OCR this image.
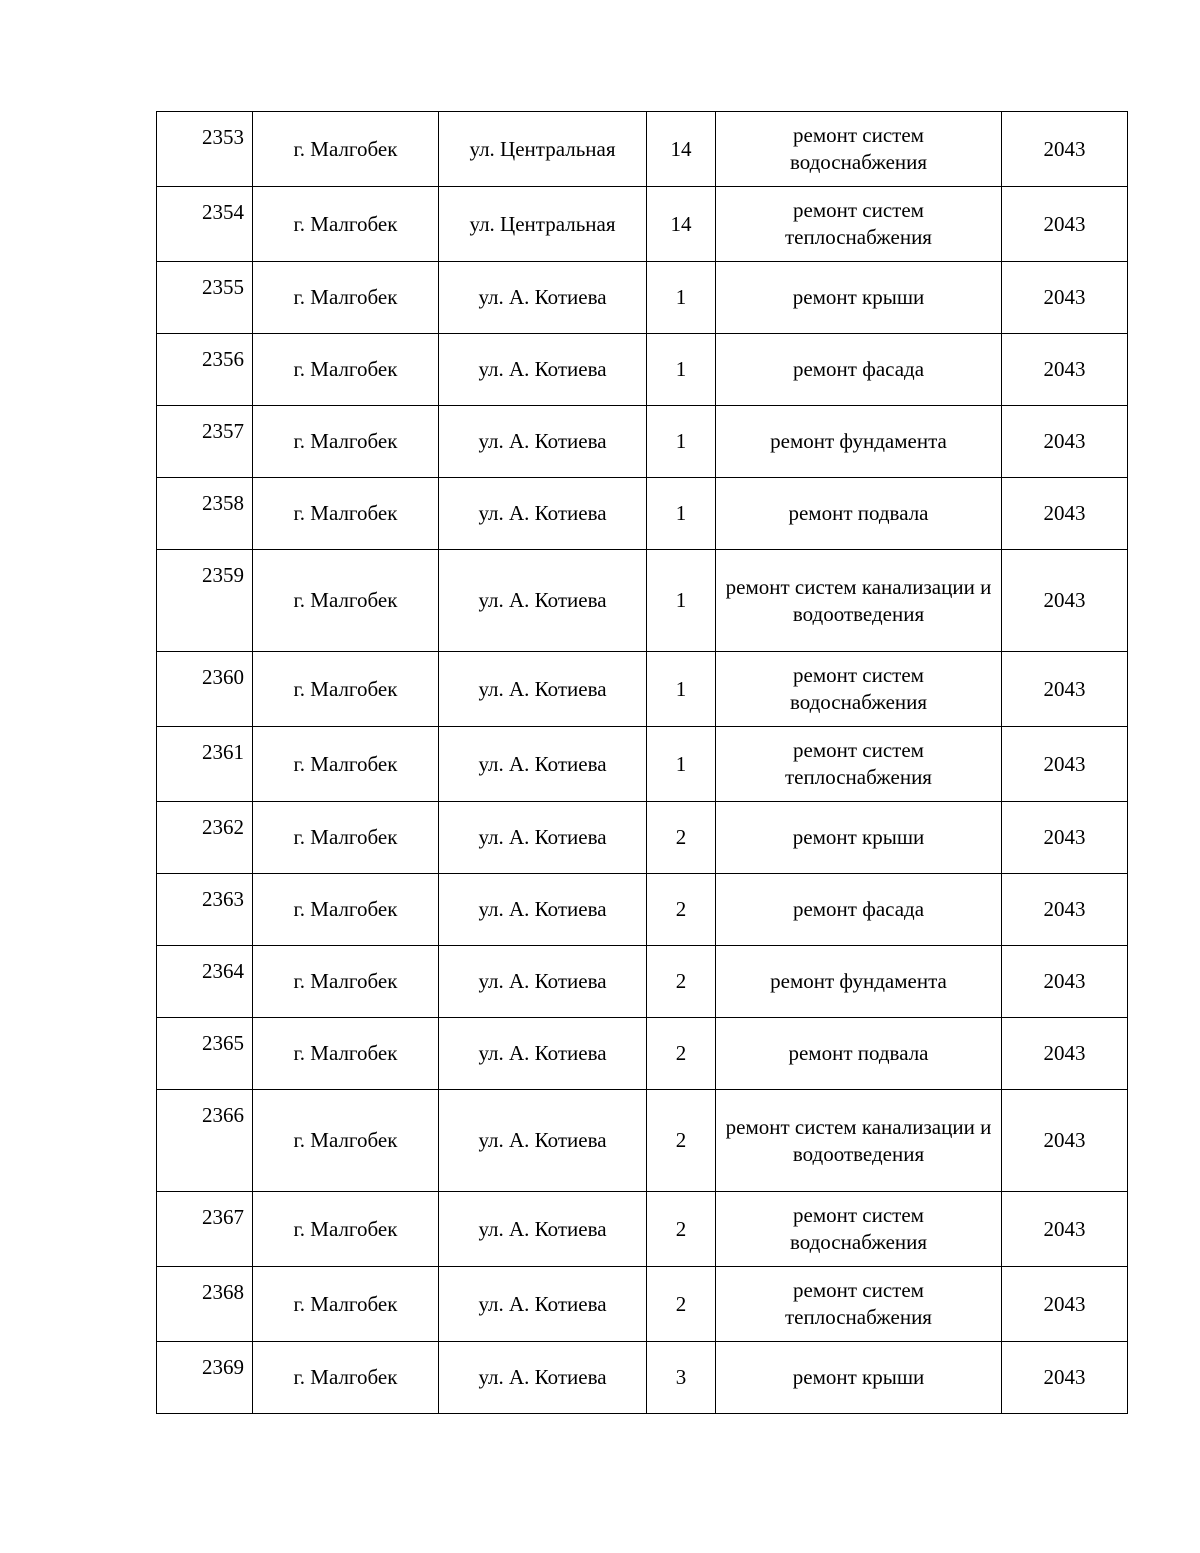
2353	г. Малгобек	ул. Центральная	14	ремонт систем водоснабжения	2043
2354	г. Малгобек	ул. Центральная	14	ремонт систем теплоснабжения	2043
2355	г. Малгобек	ул. А. Котиева	1	ремонт крыши	2043
2356	г. Малгобек	ул. А. Котиева	1	ремонт фасада	2043
2357	г. Малгобек	ул. А. Котиева	1	ремонт фундамента	2043
2358	г. Малгобек	ул. А. Котиева	1	ремонт подвала	2043
2359	г. Малгобек	ул. А. Котиева	1	ремонт систем канализации и водоотведения	2043
2360	г. Малгобек	ул. А. Котиева	1	ремонт систем водоснабжения	2043
2361	г. Малгобек	ул. А. Котиева	1	ремонт систем теплоснабжения	2043
2362	г. Малгобек	ул. А. Котиева	2	ремонт крыши	2043
2363	г. Малгобек	ул. А. Котиева	2	ремонт фасада	2043
2364	г. Малгобек	ул. А. Котиева	2	ремонт фундамента	2043
2365	г. Малгобек	ул. А. Котиева	2	ремонт подвала	2043
2366	г. Малгобек	ул. А. Котиева	2	ремонт систем канализации и водоотведения	2043
2367	г. Малгобек	ул. А. Котиева	2	ремонт систем водоснабжения	2043
2368	г. Малгобек	ул. А. Котиева	2	ремонт систем теплоснабжения	2043
2369	г. Малгобек	ул. А. Котиева	3	ремонт крыши	2043
